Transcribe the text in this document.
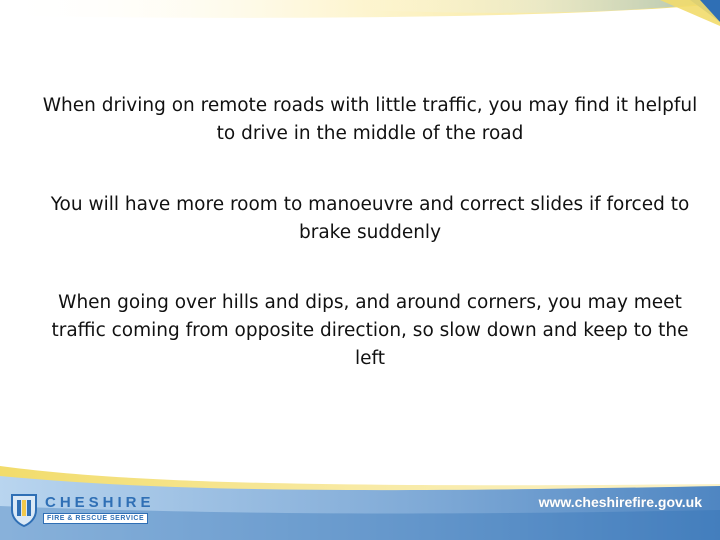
When driving on remote roads with little traffic, you may find it helpful to drive in the middle of the road
You will have more room to manoeuvre and correct slides if forced to brake suddenly
When going over hills and dips, and around corners, you may meet traffic coming from opposite direction, so slow down and keep to the left
CHESHIRE
FIRE & RESCUE SERVICE
www.cheshirefire.gov.uk
